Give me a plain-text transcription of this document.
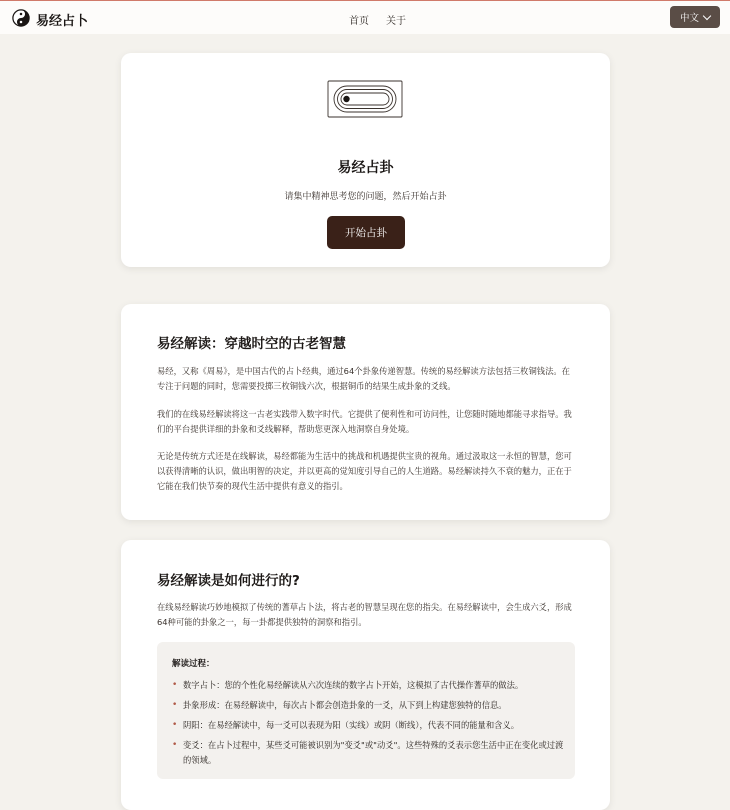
易经占卜	首页 关于	中文
易经占卦
请集中精神思考您的问题，然后开始占卦
开始占卦
易经解读：穿越时空的古老智慧

易经，又称《周易》，是中国古代的占卜经典，通过64个卦象传递智慧。传统的易经解读方法包括三枚铜钱法。在专注于问题的同时，您需要投掷三枚铜钱六次，根据铜币的结果生成卦象的爻线。

我们的在线易经解读将这一古老实践带入数字时代。它提供了便利性和可访问性，让您随时随地都能寻求指导。我们的平台提供详细的卦象和爻线解释，帮助您更深入地洞察自身处境。

无论是传统方式还是在线解读，易经都能为生活中的挑战和机遇提供宝贵的视角。通过汲取这一永恒的智慧，您可以获得清晰的认识，做出明智的决定，并以更高的觉知度引导自己的人生道路。易经解读持久不衰的魅力，正在于它能在我们快节奏的现代生活中提供有意义的指引。

易经解读是如何进行的?

在线易经解读巧妙地模拟了传统的蓍草占卜法，将古老的智慧呈现在您的指尖。在易经解读中，会生成六爻，形成64种可能的卦象之一，每一卦都提供独特的洞察和指引。

解读过程：
• 数字占卜：您的个性化易经解读从六次连续的数字占卜开始，这模拟了古代操作蓍草的做法。
• 卦象形成：在易经解读中，每次占卜都会创造卦象的一爻，从下到上构建您独特的信息。
• 阴阳：在易经解读中，每一爻可以表现为阳（实线）或阴（断线），代表不同的能量和含义。
• 变爻：在占卜过程中，某些爻可能被识别为"变爻"或"动爻"。这些特殊的爻表示您生活中正在变化或过渡的领域。
